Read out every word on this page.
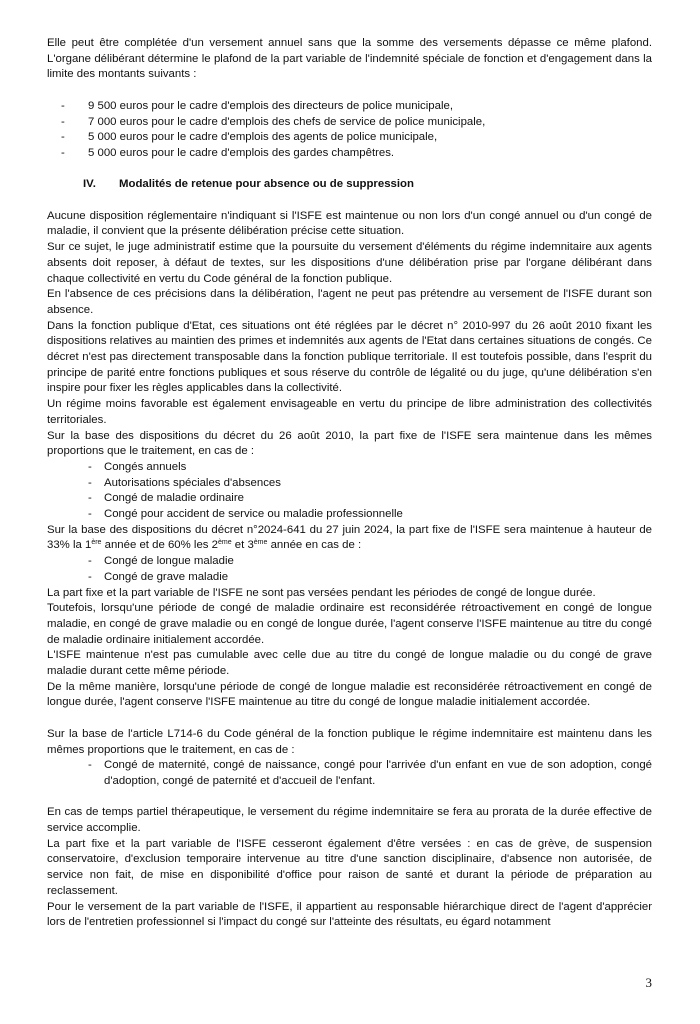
Elle peut être complétée d'un versement annuel sans que la somme des versements dépasse ce même plafond. L'organe délibérant détermine le plafond de la part variable de l'indemnité spéciale de fonction et d'engagement dans la limite des montants suivants :

- 9 500 euros pour le cadre d'emplois des directeurs de police municipale,
- 7 000 euros pour le cadre d'emplois des chefs de service de police municipale,
- 5 000 euros pour le cadre d'emplois des agents de police municipale,
- 5 000 euros pour le cadre d'emplois des gardes champêtres.

IV. Modalités de retenue pour absence ou de suppression

Aucune disposition réglementaire n'indiquant si l'ISFE est maintenue ou non lors d'un congé annuel ou d'un congé de maladie, il convient que la présente délibération précise cette situation.

Sur ce sujet, le juge administratif estime que la poursuite du versement d'éléments du régime indemnitaire aux agents absents doit reposer, à défaut de textes, sur les dispositions d'une délibération prise par l'organe délibérant dans chaque collectivité en vertu du Code général de la fonction publique.

En l'absence de ces précisions dans la délibération, l'agent ne peut pas prétendre au versement de l'ISFE durant son absence.

Dans la fonction publique d'Etat, ces situations ont été réglées par le décret n° 2010-997 du 26 août 2010 fixant les dispositions relatives au maintien des primes et indemnités aux agents de l'Etat dans certaines situations de congés. Ce décret n'est pas directement transposable dans la fonction publique territoriale. Il est toutefois possible, dans l'esprit du principe de parité entre fonctions publiques et sous réserve du contrôle de légalité ou du juge, qu'une délibération s'en inspire pour fixer les règles applicables dans la collectivité.

Un régime moins favorable est également envisageable en vertu du principe de libre administration des collectivités territoriales.

Sur la base des dispositions du décret du 26 août 2010, la part fixe de l'ISFE sera maintenue dans les mêmes proportions que le traitement, en cas de :

- Congés annuels
- Autorisations spéciales d'absences
- Congé de maladie ordinaire
- Congé pour accident de service ou maladie professionnelle

Sur la base des dispositions du décret n°2024-641 du 27 juin 2024, la part fixe de l'ISFE sera maintenue à hauteur de 33% la 1ère année et de 60% les 2ème et 3ème année en cas de :

- Congé de longue maladie
- Congé de grave maladie

La part fixe et la part variable de l'ISFE ne sont pas versées pendant les périodes de congé de longue durée.

Toutefois, lorsqu'une période de congé de maladie ordinaire est reconsidérée rétroactivement en congé de longue maladie, en congé de grave maladie ou en congé de longue durée, l'agent conserve l'ISFE maintenue au titre du congé de maladie ordinaire initialement accordée.

L'ISFE maintenue n'est pas cumulable avec celle due au titre du congé de longue maladie ou du congé de grave maladie durant cette même période.

De la même manière, lorsqu'une période de congé de longue maladie est reconsidérée rétroactivement en congé de longue durée, l'agent conserve l'ISFE maintenue au titre du congé de longue maladie initialement accordée.

Sur la base de l'article L714-6 du Code général de la fonction publique le régime indemnitaire est maintenu dans les mêmes proportions que le traitement, en cas de :

- Congé de maternité, congé de naissance, congé pour l'arrivée d'un enfant en vue de son adoption, congé d'adoption, congé de paternité et d'accueil de l'enfant.

En cas de temps partiel thérapeutique, le versement du régime indemnitaire se fera au prorata de la durée effective de service accomplie.

La part fixe et la part variable de l'ISFE cesseront également d'être versées : en cas de grève, de suspension conservatoire, d'exclusion temporaire intervenue au titre d'une sanction disciplinaire, d'absence non autorisée, de service non fait, de mise en disponibilité d'office pour raison de santé et durant la période de préparation au reclassement.

Pour le versement de la part variable de l'ISFE, il appartient au responsable hiérarchique direct de l'agent d'apprécier lors de l'entretien professionnel si l'impact du congé sur l'atteinte des résultats, eu égard notamment

3
